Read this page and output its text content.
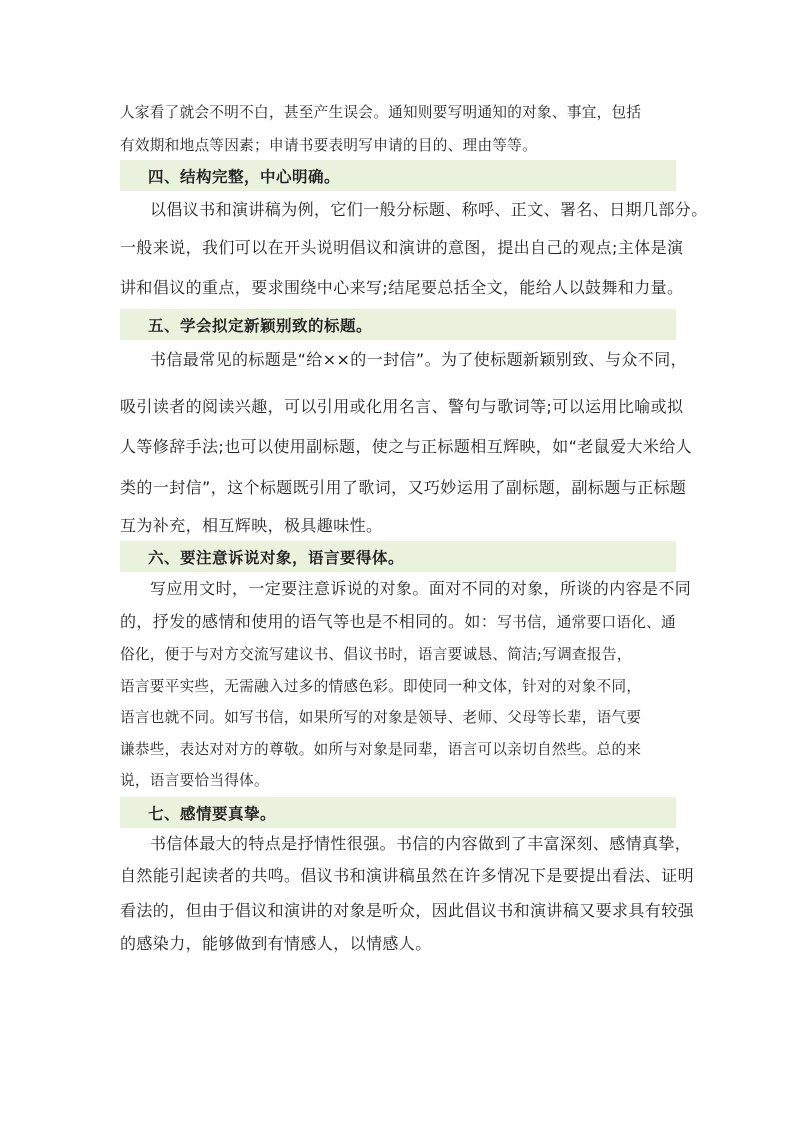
人家看了就会不明不白，甚至产生误会。通知则要写明通知的对象、事宜，包括
有效期和地点等因素；申请书要表明写申请的目的、理由等等。
四、结构完整，中心明确。
以倡议书和演讲稿为例，它们一般分标题、称呼、正文、署名、日期几部分。
一般来说，我们可以在开头说明倡议和演讲的意图，提出自己的观点;主体是演
讲和倡议的重点，要求围绕中心来写;结尾要总括全文，能给人以鼓舞和力量。
五、学会拟定新颖别致的标题。
书信最常见的标题是“给××的一封信”。为了使标题新颖别致、与众不同，
吸引读者的阅读兴趣，可以引用或化用名言、警句与歌词等;可以运用比喻或拟
人等修辞手法;也可以使用副标题，使之与正标题相互辉映，如“老鼠爱大米给人
类的一封信”，这个标题既引用了歌词，又巧妙运用了副标题，副标题与正标题
互为补充，相互辉映，极具趣味性。
六、要注意诉说对象，语言要得体。
写应用文时，一定要注意诉说的对象。面对不同的对象，所谈的内容是不同
的，抒发的感情和使用的语气等也是不相同的。如：写书信，通常要口语化、通
俗化，便于与对方交流写建议书、倡议书时，语言要诚恳、简洁;写调查报告，
语言要平实些，无需融入过多的情感色彩。即使同一种文体，针对的对象不同，
语言也就不同。如写书信，如果所写的对象是领导、老师、父母等长辈，语气要
谦恭些，表达对对方的尊敬。如所与对象是同辈，语言可以亲切自然些。总的来
说，语言要恰当得体。
七、感情要真挚。
书信体最大的特点是抒情性很强。书信的内容做到了丰富深刻、感情真挚，
自然能引起读者的共鸣。倡议书和演讲稿虽然在许多情况下是要提出看法、证明
看法的，但由于倡议和演讲的对象是听众，因此倡议书和演讲稿又要求具有较强
的感染力，能够做到有情感人，以情感人。
